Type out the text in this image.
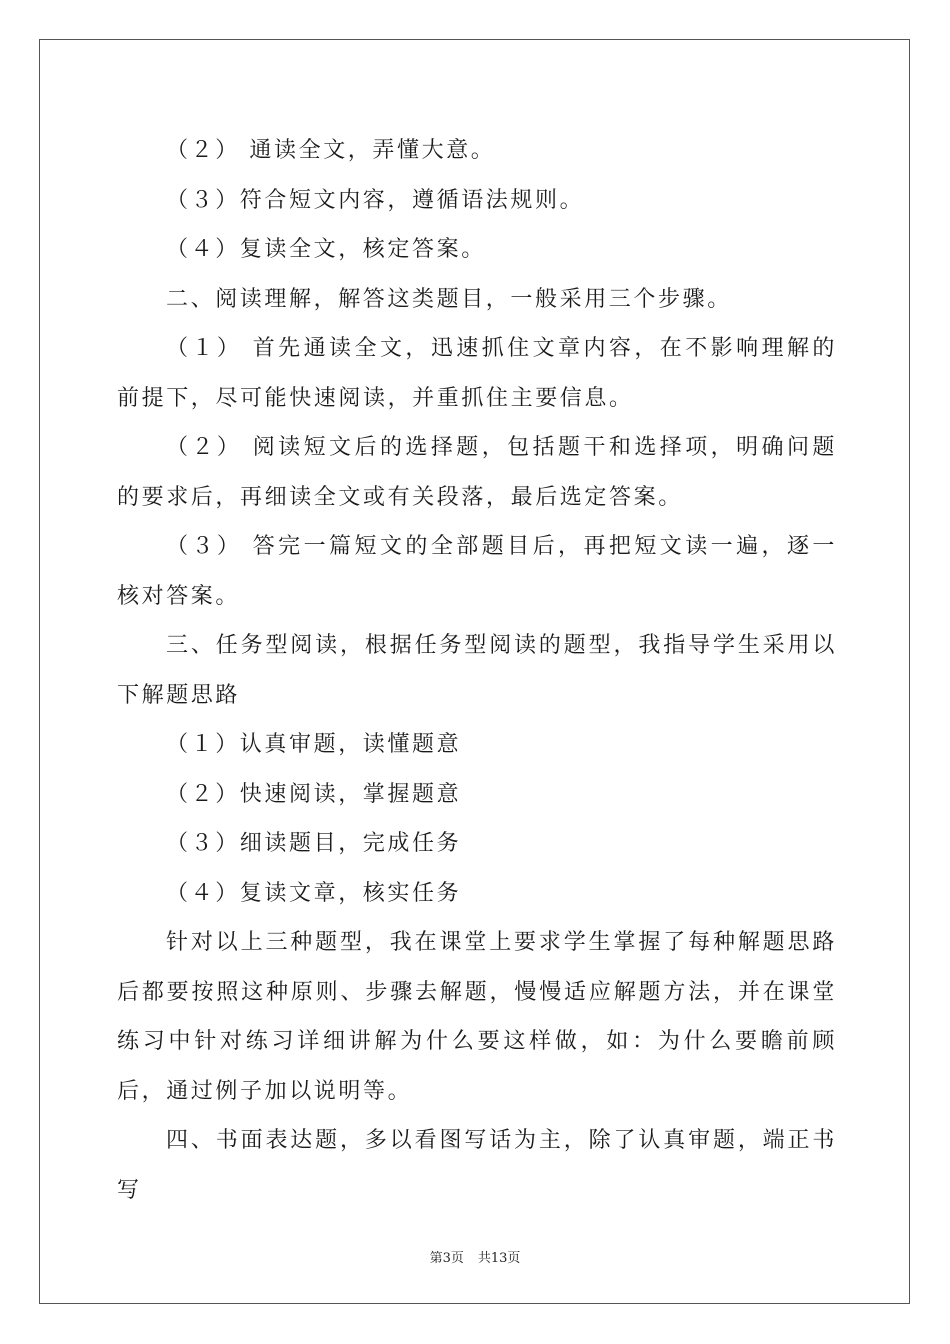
（２） 通读全文，弄懂大意。

（３）符合短文内容，遵循语法规则。

（４）复读全文，核定答案。

二、阅读理解，解答这类题目，一般采用三个步骤。

（１） 首先通读全文，迅速抓住文章内容，在不影响理解的前提下，尽可能快速阅读，并重抓住主要信息。

（２） 阅读短文后的选择题，包括题干和选择项，明确问题的要求后，再细读全文或有关段落，最后选定答案。

（３） 答完一篇短文的全部题目后，再把短文读一遍，逐一核对答案。

三、任务型阅读，根据任务型阅读的题型，我指导学生采用以下解题思路

（１）认真审题，读懂题意

（２）快速阅读，掌握题意

（３）细读题目，完成任务

（４）复读文章，核实任务

针对以上三种题型，我在课堂上要求学生掌握了每种解题思路后都要按照这种原则、步骤去解题，慢慢适应解题方法，并在课堂练习中针对练习详细讲解为什么要这样做，如：为什么要瞻前顾后，通过例子加以说明等。

四、书面表达题，多以看图写话为主，除了认真审题，端正书写

第3页 共13页
